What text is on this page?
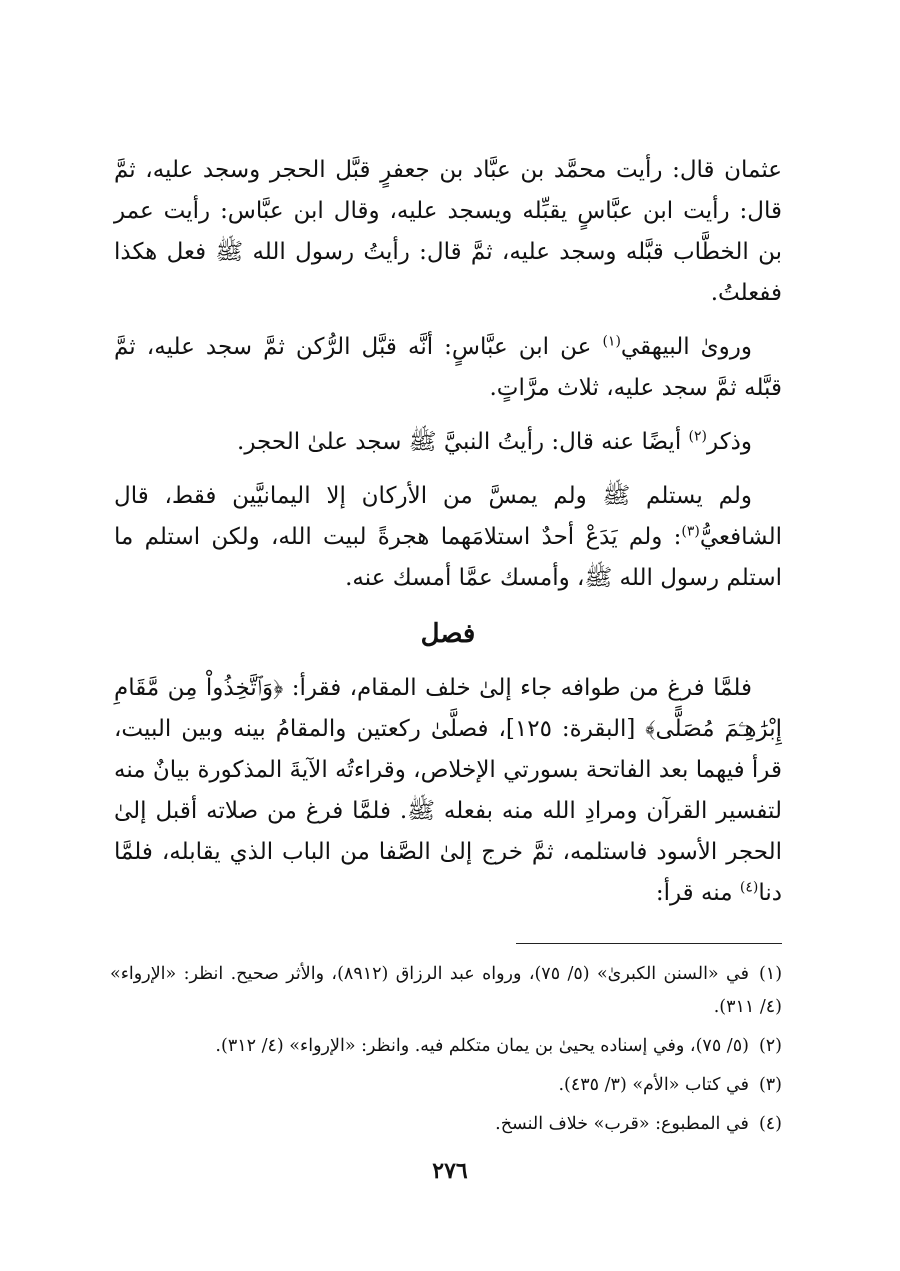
عثمان قال: رأيت محمَّد بن عبَّاد بن جعفرٍ قبَّل الحجر وسجد عليه، ثمَّ قال: رأيت ابن عبَّاسٍ يقبِّله ويسجد عليه، وقال ابن عبَّاس: رأيت عمر بن الخطَّاب قبَّله وسجد عليه، ثمَّ قال: رأيتُ رسول الله ﷺ فعل هكذا ففعلتُ.

وروىٰ البيهقي$^{(١)}$ عن ابن عبَّاسٍ: أنَّه قبَّل الرُّكن ثمَّ سجد عليه، ثمَّ قبَّله ثمَّ سجد عليه، ثلاث مرَّاتٍ.

وذكر$^{(٢)}$ أيضًا عنه قال: رأيتُ النبيَّ ﷺ سجد علىٰ الحجر.

ولم يستلم ﷺ ولم يمسَّ من الأركان إلا اليمانيَّين فقط، قال الشافعيُّ$^{(٣)}$: ولم يَدَعْ أحدٌ استلامَهما هجرةً لبيت الله، ولكن استلم ما استلم رسول الله ﷺ، وأمسك عمَّا أمسك عنه.

فصل

فلمَّا فرغ من طوافه جاء إلىٰ خلف المقام، فقرأ: ﴿وَٱتَّخِذُواْ مِن مَّقَامِ إِبْرَٰهِـۧمَ مُصَلًّى﴾ [البقرة: ١٢٥]، فصلَّىٰ ركعتين والمقامُ بينه وبين البيت، قرأ فيهما بعد الفاتحة بسورتي الإخلاص، وقراءتُه الآيةَ المذكورة بيانٌ منه لتفسير القرآن ومرادِ الله منه بفعله ﷺ. فلمَّا فرغ من صلاته أقبل إلىٰ الحجر الأسود فاستلمه، ثمَّ خرج إلىٰ الصَّفا من الباب الذي يقابله، فلمَّا دنا$^{(٤)}$ منه قرأ:

(١)في «السنن الكبرىٰ» (٥/ ٧٥)، ورواه عبد الرزاق (٨٩١٢)، والأثر صحيح. انظر: «الإرواء» (٤/ ٣١١).

(٢)(٥/ ٧٥)، وفي إسناده يحيىٰ بن يمان متكلم فيه. وانظر: «الإرواء» (٤/ ٣١٢).

(٣)في كتاب «الأم» (٣/ ٤٣٥).

(٤)في المطبوع: «قرب» خلاف النسخ.

٢٧٦
